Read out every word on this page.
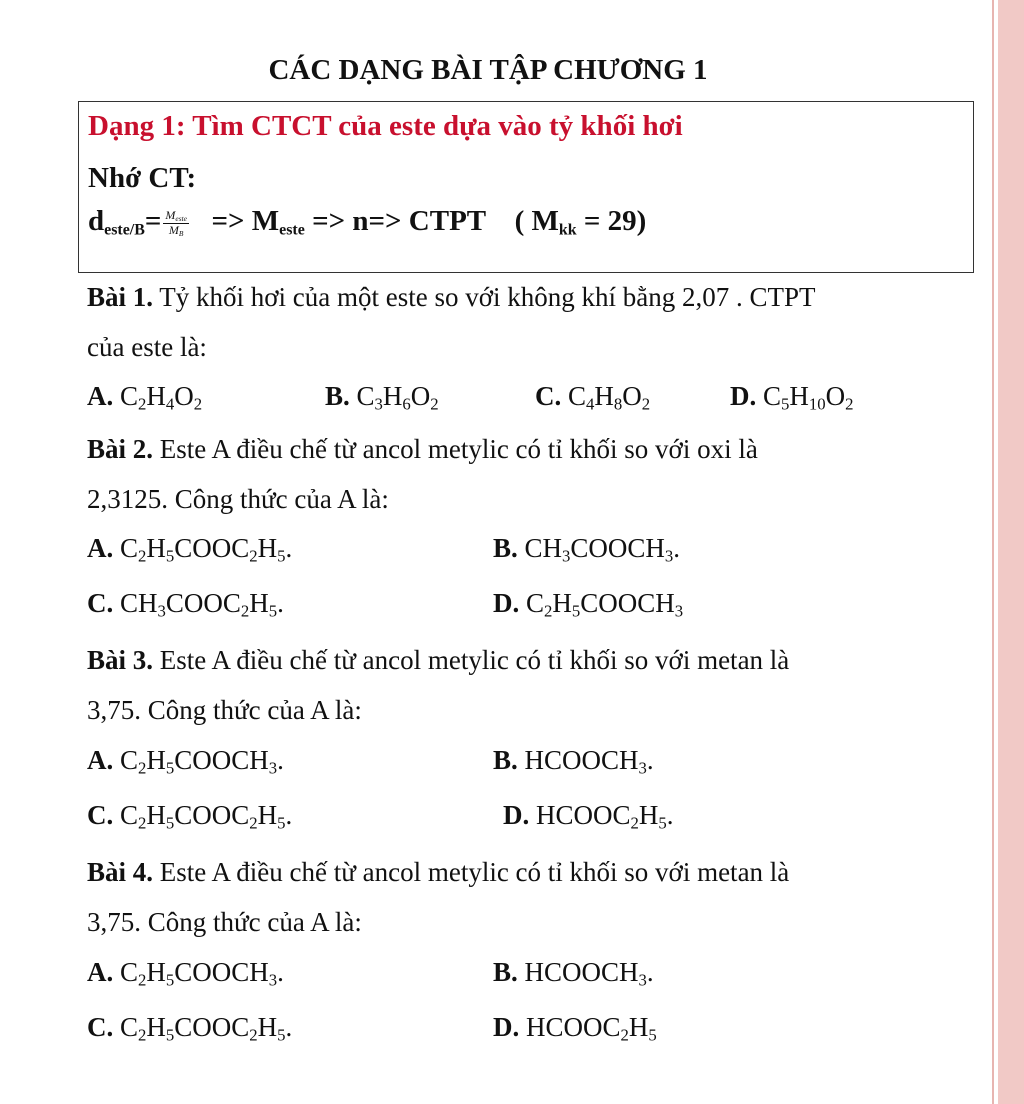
CÁC DẠNG BÀI TẬP CHƯƠNG 1
Dạng 1: Tìm CTCT của este dựa vào tỷ khối hơi
Nhớ CT:
$d_{este/B}= \frac{M_{este}}{M_B} => M_{este} => n=>$ CTPT ( $M_{kk} = 29$)
Bài 1. Tỷ khối hơi của một este so với không khí bằng 2,07 . CTPT
của este là:
A. $C_2H_4O_2$	B. $C_3H_6O_2$	C. $C_4H_8O_2$	D. $C_5H_{10}O_2$
Bài 2. Este A điều chế từ ancol metylic có tỉ khối so với oxi là
2,3125. Công thức của A là:
A. $C_2H_5COOC_2H_5$.	B. $CH_3COOCH_3$.
C. $CH_3COOC_2H_5$.	D. $C_2H_5COOCH_3$
Bài 3. Este A điều chế từ ancol metylic có tỉ khối so với metan là
3,75. Công thức của A là:
A. $C_2H_5COOCH_3$.	B. $HCOOCH_3$.
C. $C_2H_5COOC_2H_5$.	D. $HCOOC_2H_5$.
Bài 4. Este A điều chế từ ancol metylic có tỉ khối so với metan là
3,75. Công thức của A là:
A. $C_2H_5COOCH_3$.	B. $HCOOCH_3$.
C. $C_2H_5COOC_2H_5$.	D. $HCOOC_2H_5$
